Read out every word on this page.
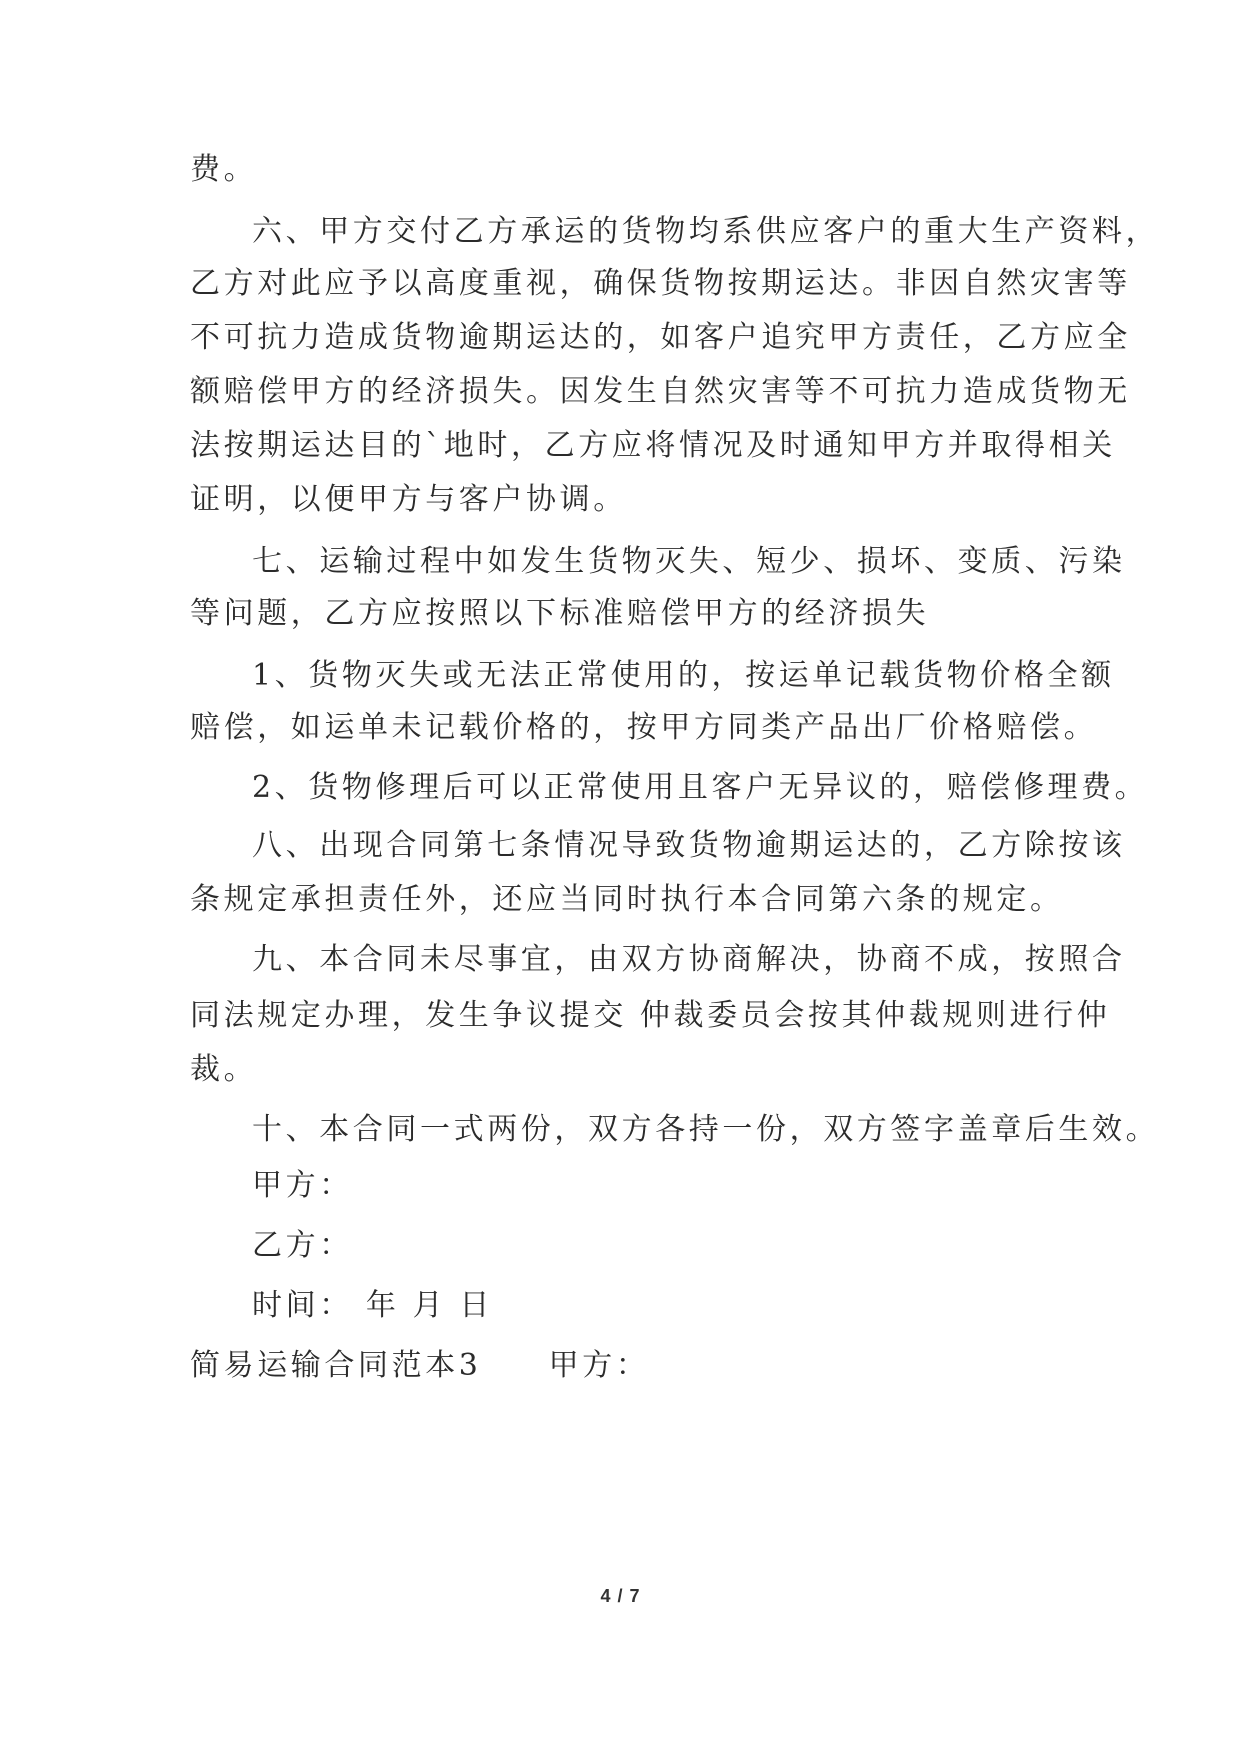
费。
六、甲方交付乙方承运的货物均系供应客户的重大生产资料，
乙方对此应予以高度重视，确保货物按期运达。非因自然灾害等
不可抗力造成货物逾期运达的，如客户追究甲方责任，乙方应全
额赔偿甲方的经济损失。因发生自然灾害等不可抗力造成货物无
法按期运达目的`地时，乙方应将情况及时通知甲方并取得相关
证明，以便甲方与客户协调。
七、运输过程中如发生货物灭失、短少、损坏、变质、污染
等问题，乙方应按照以下标准赔偿甲方的经济损失
1、货物灭失或无法正常使用的，按运单记载货物价格全额
赔偿，如运单未记载价格的，按甲方同类产品出厂价格赔偿。
2、货物修理后可以正常使用且客户无异议的，赔偿修理费。
八、出现合同第七条情况导致货物逾期运达的，乙方除按该
条规定承担责任外，还应当同时执行本合同第六条的规定。
九、本合同未尽事宜，由双方协商解决，协商不成，按照合
同法规定办理，发生争议提交 仲裁委员会按其仲裁规则进行仲
裁。
十、本合同一式两份，双方各持一份，双方签字盖章后生效。
甲方：
乙方：
时间： 年 月 日
简易运输合同范本3　　甲方：
4 / 7
